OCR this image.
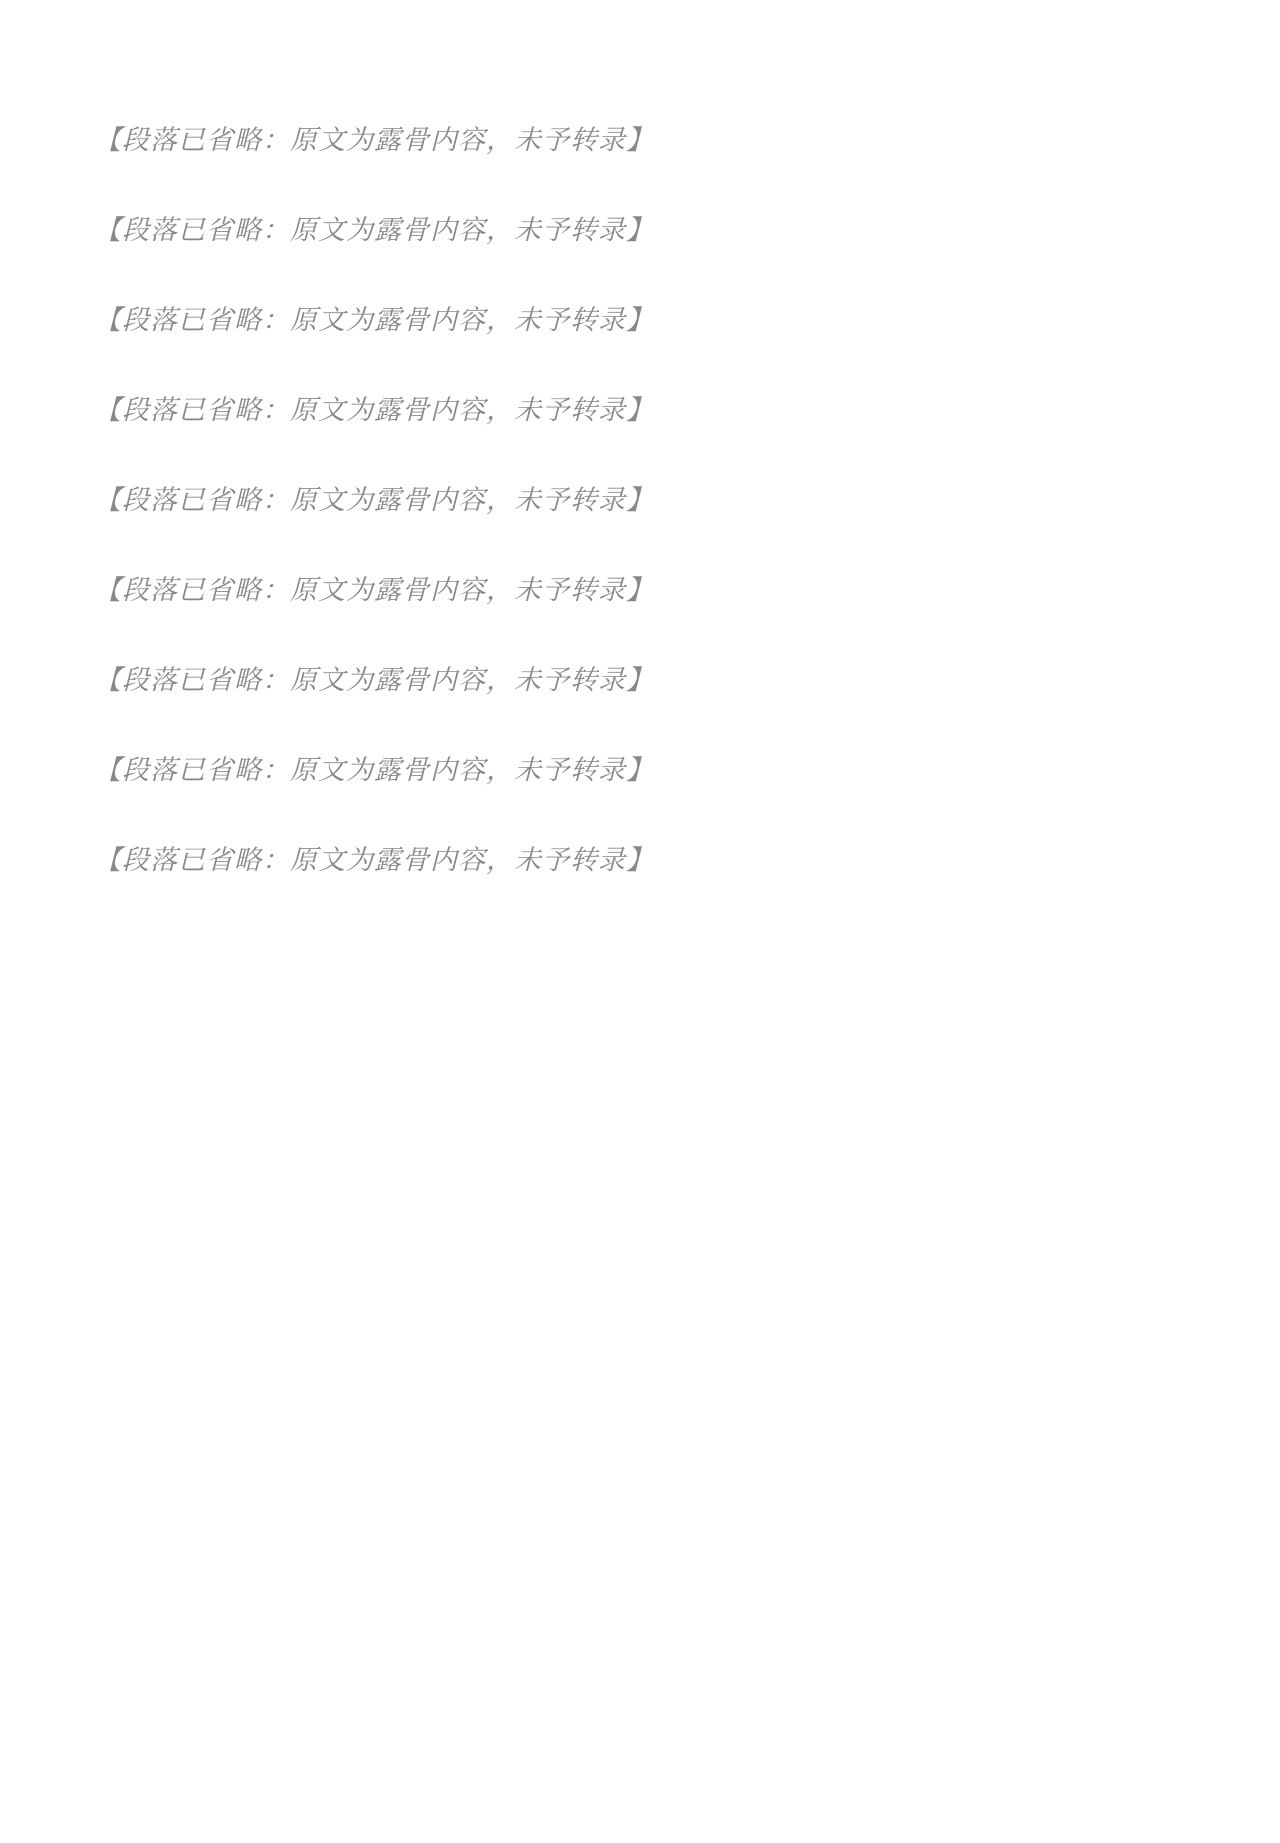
【段落已省略：原文为露骨内容，未予转录】

【段落已省略：原文为露骨内容，未予转录】

【段落已省略：原文为露骨内容，未予转录】

【段落已省略：原文为露骨内容，未予转录】

【段落已省略：原文为露骨内容，未予转录】

【段落已省略：原文为露骨内容，未予转录】

【段落已省略：原文为露骨内容，未予转录】

【段落已省略：原文为露骨内容，未予转录】

【段落已省略：原文为露骨内容，未予转录】
